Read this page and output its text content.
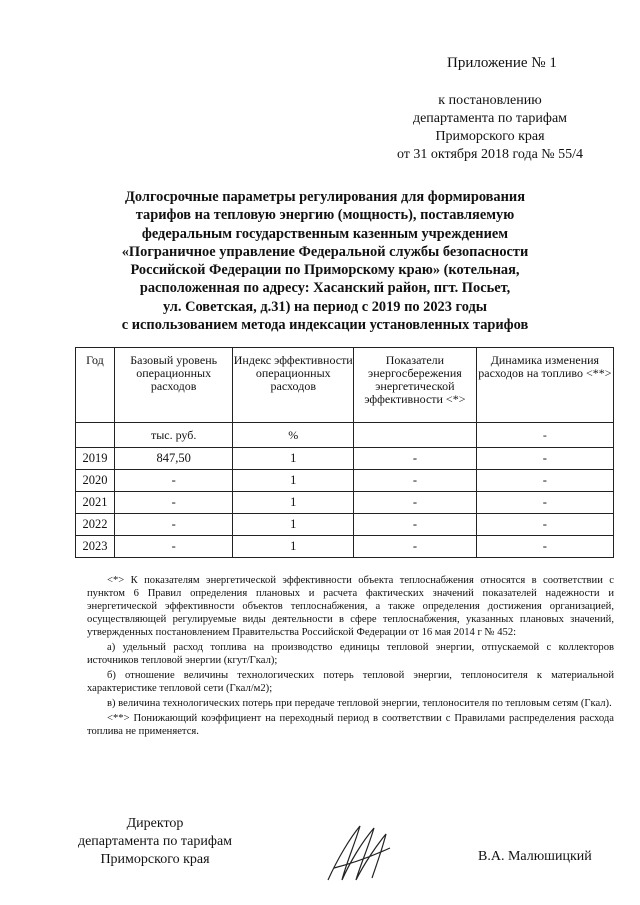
Приложение № 1
к постановлению
департамента по тарифам
Приморского края
от 31 октября 2018 года № 55/4
Долгосрочные параметры регулирования для формирования
тарифов на тепловую энергию (мощность), поставляемую
федеральным государственным казенным учреждением
«Пограничное управление Федеральной службы безопасности
Российской Федерации по Приморскому краю» (котельная,
расположенная по адресу: Хасанский район, пгт. Посьет,
ул. Советская, д.31) на период с 2019 по 2023 годы
с использованием метода индексации установленных тарифов
Год	Базовый уровень операционных расходов	Индекс эффективности операционных расходов	Показатели энергосбережения энергетической эффективности <*>	Динамика изменения расходов на топливо <**>
	тыс. руб.	%		-
2019	847,50	1	-	-
2020	-	1	-	-
2021	-	1	-	-
2022	-	1	-	-
2023	-	1	-	-

<*> К показателям энергетической эффективности объекта теплоснабжения относятся в соответствии с пунктом 6 Правил определения плановых и расчета фактических значений показателей надежности и энергетической эффективности объектов теплоснабжения, а также определения достижения организацией, осуществляющей регулируемые виды деятельности в сфере теплоснабжения, указанных плановых значений, утвержденных постановлением Правительства Российской Федерации от 16 мая 2014 г № 452:

а) удельный расход топлива на производство единицы тепловой энергии, отпускаемой с коллекторов источников тепловой энергии (кгут/Гкал);

б) отношение величины технологических потерь тепловой энергии, теплоносителя к материальной характеристике тепловой сети (Гкал/м2);

в) величина технологических потерь при передаче тепловой энергии, теплоносителя по тепловым сетям (Гкал).

<**> Понижающий коэффициент на переходный период в соответствии с Правилами распределения расхода топлива не применяется.

Директор
департамента по тарифам
Приморского края	В.А. Малюшицкий
